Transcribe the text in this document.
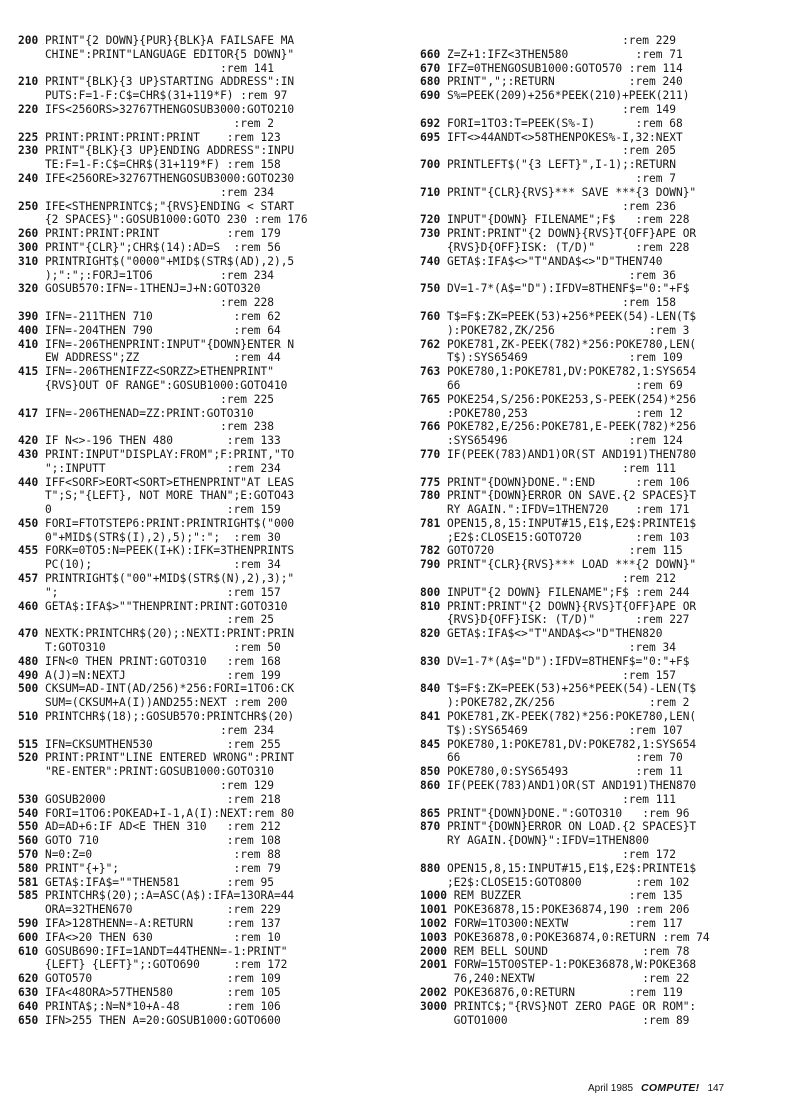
200 PRINT"{2 DOWN}{PUR}{BLK}A FAILSAFE MA
CHINE":PRINT"LANGUAGE EDITOR{5 DOWN}"
:rem 141
210 PRINT"{BLK}{3 UP}STARTING ADDRESS":IN
PUTS:F=1-F:C$=CHR$(31+119*F) :rem 97
220 IFS<256ORS>32767THENGOSUB3000:GOTO210
:rem 2
225 PRINT:PRINT:PRINT:PRINT    :rem 123
230 PRINT"{BLK}{3 UP}ENDING ADDRESS":INPU
TE:F=1-F:C$=CHR$(31+119*F) :rem 158
240 IFE<256ORE>32767THENGOSUB3000:GOTO230
:rem 234
250 IFE<STHENPRINTC$;"{RVS}ENDING < START
{2 SPACES}":GOSUB1000:GOTO 230 :rem 176
260 PRINT:PRINT:PRINT          :rem 179
300 PRINT"{CLR}";CHR$(14):AD=S  :rem 56
310 PRINTRIGHT$("0000"+MID$(STR$(AD),2),5
);":";:FORJ=1TO6          :rem 234
320 GOSUB570:IFN=-1THENJ=J+N:GOTO320
:rem 228
390 IFN=-211THEN 710            :rem 62
400 IFN=-204THEN 790            :rem 64
410 IFN=-206THENPRINT:INPUT"{DOWN}ENTER N
EW ADDRESS";ZZ              :rem 44
415 IFN=-206THENIFZZ<SORZZ>ETHENPRINT"
{RVS}OUT OF RANGE":GOSUB1000:GOTO410
:rem 225
417 IFN=-206THENAD=ZZ:PRINT:GOTO310
:rem 238
420 IF N<>-196 THEN 480        :rem 133
430 PRINT:INPUT"DISPLAY:FROM";F:PRINT,"TO
";:INPUTT                  :rem 234
440 IFF<SORF>EORT<SORT>ETHENPRINT"AT LEAS
T";S;"{LEFT}, NOT MORE THAN";E:GOTO43
0                          :rem 159
450 FORI=FTOTSTEP6:PRINT:PRINTRIGHT$("000
0"+MID$(STR$(I),2),5);":";  :rem 30
455 FORK=0TO5:N=PEEK(I+K):IFK=3THENPRINTS
PC(10);                     :rem 34
457 PRINTRIGHT$("00"+MID$(STR$(N),2),3);"
";                         :rem 157
460 GETA$:IFA$>""THENPRINT:PRINT:GOTO310
:rem 25
470 NEXTK:PRINTCHR$(20);:NEXTI:PRINT:PRIN
T:GOTO310                   :rem 50
480 IFN<0 THEN PRINT:GOTO310   :rem 168
490 A(J)=N:NEXTJ               :rem 199
500 CKSUM=AD-INT(AD/256)*256:FORI=1TO6:CK
SUM=(CKSUM+A(I))AND255:NEXT :rem 200
510 PRINTCHR$(18);:GOSUB570:PRINTCHR$(20)
:rem 234
515 IFN=CKSUMTHEN530           :rem 255
520 PRINT:PRINT"LINE ENTERED WRONG":PRINT
"RE-ENTER":PRINT:GOSUB1000:GOTO310
:rem 129
530 GOSUB2000                  :rem 218
540 FORI=1TO6:POKEAD+I-1,A(I):NEXT:rem 80
550 AD=AD+6:IF AD<E THEN 310   :rem 212
560 GOTO 710                   :rem 108
570 N=0:Z=0                     :rem 88
580 PRINT"{+}";                 :rem 79
581 GETA$:IFA$=""THEN581       :rem 95
585 PRINTCHR$(20);:A=ASC(A$):IFA=13ORA=44
ORA=32THEN670              :rem 229
590 IFA>128THENN=-A:RETURN     :rem 137
600 IFA<>20 THEN 630            :rem 10
610 GOSUB690:IFI=1ANDT=44THENN=-1:PRINT"
{LEFT} {LEFT}";:GOTO690     :rem 172
620 GOTO570                    :rem 109
630 IFA<48ORA>57THEN580        :rem 105
640 PRINTA$;:N=N*10+A-48       :rem 106
650 IFN>255 THEN A=20:GOSUB1000:GOTO600
:rem 229
660 Z=Z+1:IFZ<3THEN580          :rem 71
670 IFZ=0THENGOSUB1000:GOTO570 :rem 114
680 PRINT",";:RETURN           :rem 240
690 S%=PEEK(209)+256*PEEK(210)+PEEK(211)
:rem 149
692 FORI=1TO3:T=PEEK(S%-I)      :rem 68
695 IFT<>44ANDT<>58THENPOKES%-I,32:NEXT
:rem 205
700 PRINTLEFT$("{3 LEFT}",I-1);:RETURN
:rem 7
710 PRINT"{CLR}{RVS}*** SAVE ***{3 DOWN}"
:rem 236
720 INPUT"{DOWN} FILENAME";F$   :rem 228
730 PRINT:PRINT"{2 DOWN}{RVS}T{OFF}APE OR
{RVS}D{OFF}ISK: (T/D)"      :rem 228
740 GETA$:IFA$<>"T"ANDA$<>"D"THEN740
:rem 36
750 DV=1-7*(A$="D"):IFDV=8THENF$="0:"+F$
:rem 158
760 T$=F$:ZK=PEEK(53)+256*PEEK(54)-LEN(T$
):POKE782,ZK/256              :rem 3
762 POKE781,ZK-PEEK(782)*256:POKE780,LEN(
T$):SYS65469               :rem 109
763 POKE780,1:POKE781,DV:POKE782,1:SYS654
66                          :rem 69
765 POKE254,S/256:POKE253,S-PEEK(254)*256
:POKE780,253                :rem 12
766 POKE782,E/256:POKE781,E-PEEK(782)*256
:SYS65496                  :rem 124
770 IF(PEEK(783)AND1)OR(ST AND191)THEN780
:rem 111
775 PRINT"{DOWN}DONE.":END      :rem 106
780 PRINT"{DOWN}ERROR ON SAVE.{2 SPACES}T
RY AGAIN.":IFDV=1THEN720    :rem 171
781 OPEN15,8,15:INPUT#15,E1$,E2$:PRINTE1$
;E2$:CLOSE15:GOTO720        :rem 103
782 GOTO720                    :rem 115
790 PRINT"{CLR}{RVS}*** LOAD ***{2 DOWN}"
:rem 212
800 INPUT"{2 DOWN} FILENAME";F$ :rem 244
810 PRINT:PRINT"{2 DOWN}{RVS}T{OFF}APE OR
{RVS}D{OFF}ISK: (T/D)"      :rem 227
820 GETA$:IFA$<>"T"ANDA$<>"D"THEN820
:rem 34
830 DV=1-7*(A$="D"):IFDV=8THENF$="0:"+F$
:rem 157
840 T$=F$:ZK=PEEK(53)+256*PEEK(54)-LEN(T$
):POKE782,ZK/256              :rem 2
841 POKE781,ZK-PEEK(782)*256:POKE780,LEN(
T$):SYS65469               :rem 107
845 POKE780,1:POKE781,DV:POKE782,1:SYS654
66                          :rem 70
850 POKE780,0:SYS65493          :rem 11
860 IF(PEEK(783)AND1)OR(ST AND191)THEN870
:rem 111
865 PRINT"{DOWN}DONE.":GOTO310   :rem 96
870 PRINT"{DOWN}ERROR ON LOAD.{2 SPACES}T
RY AGAIN.{DOWN}":IFDV=1THEN800
:rem 172
880 OPEN15,8,15:INPUT#15,E1$,E2$:PRINTE1$
;E2$:CLOSE15:GOTO800        :rem 102
1000 REM BUZZER                :rem 135
1001 POKE36878,15:POKE36874,190 :rem 206
1002 FORW=1TO300:NEXTW         :rem 117
1003 POKE36878,0:POKE36874,0:RETURN :rem 74
2000 REM BELL SOUND              :rem 78
2001 FORW=15TO0STEP-1:POKE36878,W:POKE368
76,240:NEXTW                :rem 22
2002 POKE36876,0:RETURN        :rem 119
3000 PRINTC$;"{RVS}NOT ZERO PAGE OR ROM":
GOTO1000                    :rem 89
April 1985 COMPUTE! 147
